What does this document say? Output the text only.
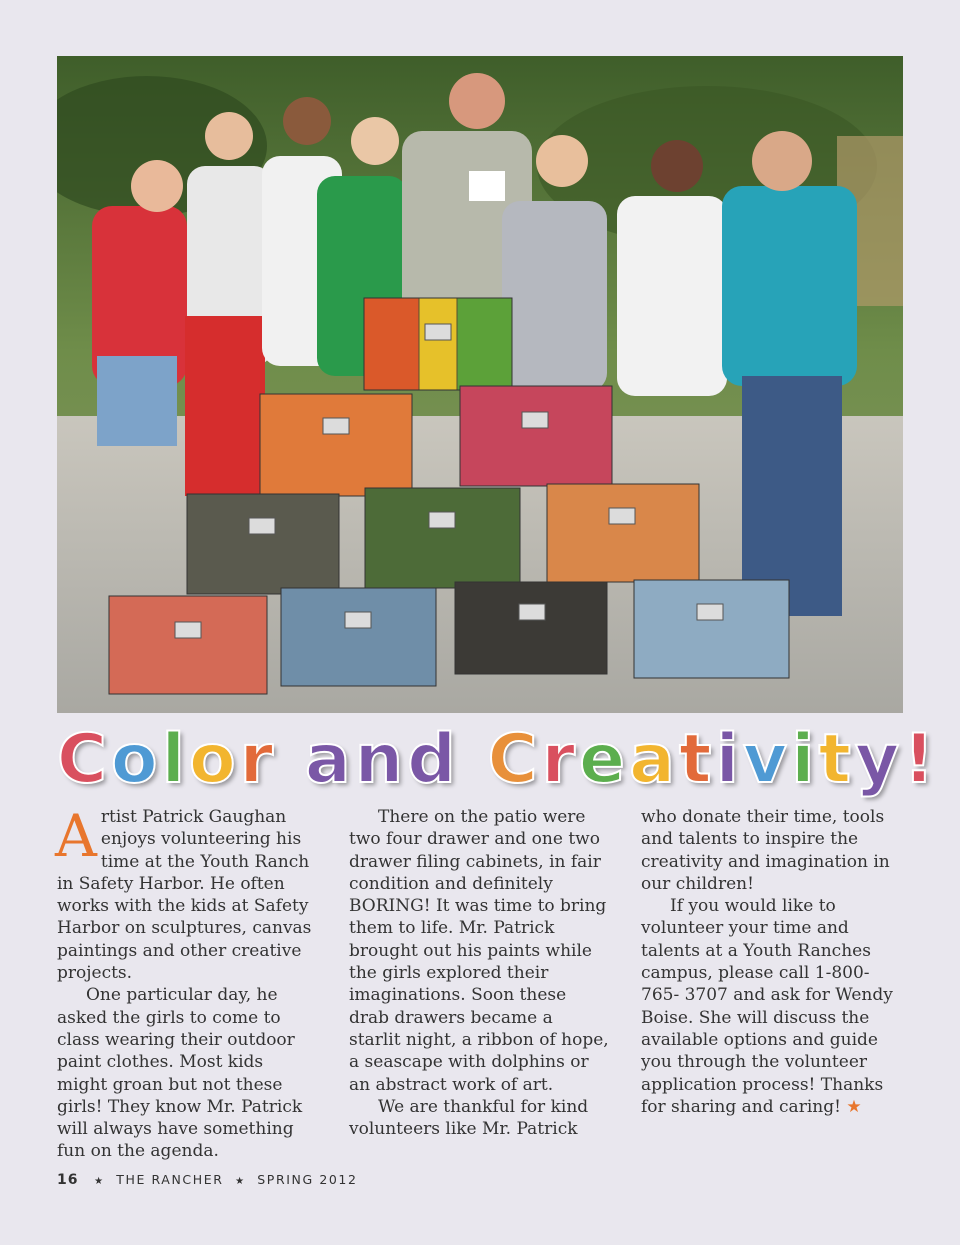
Color and Creativity!

Artist Patrick Gaughan enjoys volunteering his time at the Youth Ranch in Safety Harbor. He often works with the kids at Safety Harbor on sculptures, canvas paintings and other creative projects.

One particular day, he asked the girls to come to class wearing their outdoor paint clothes. Most kids might groan but not these girls! They know Mr. Patrick will always have something fun on the agenda.

There on the patio were two four drawer and one two drawer filing cabinets, in fair condition and definitely BORING! It was time to bring them to life. Mr. Patrick brought out his paints while the girls explored their imaginations. Soon these drab drawers became a starlit night, a ribbon of hope, a seascape with dolphins or an abstract work of art.

We are thankful for kind volunteers like Mr. Patrick

who donate their time, tools and talents to inspire the creativity and imagination in our children!

If you would like to volunteer your time and talents at a Youth Ranches campus, please call 1-800-765- 3707 and ask for Wendy Boise. She will discuss the available options and guide you through the volunteer application process! Thanks for sharing and caring! ★

16 ★ THE RANCHER ★ SPRING 2012
